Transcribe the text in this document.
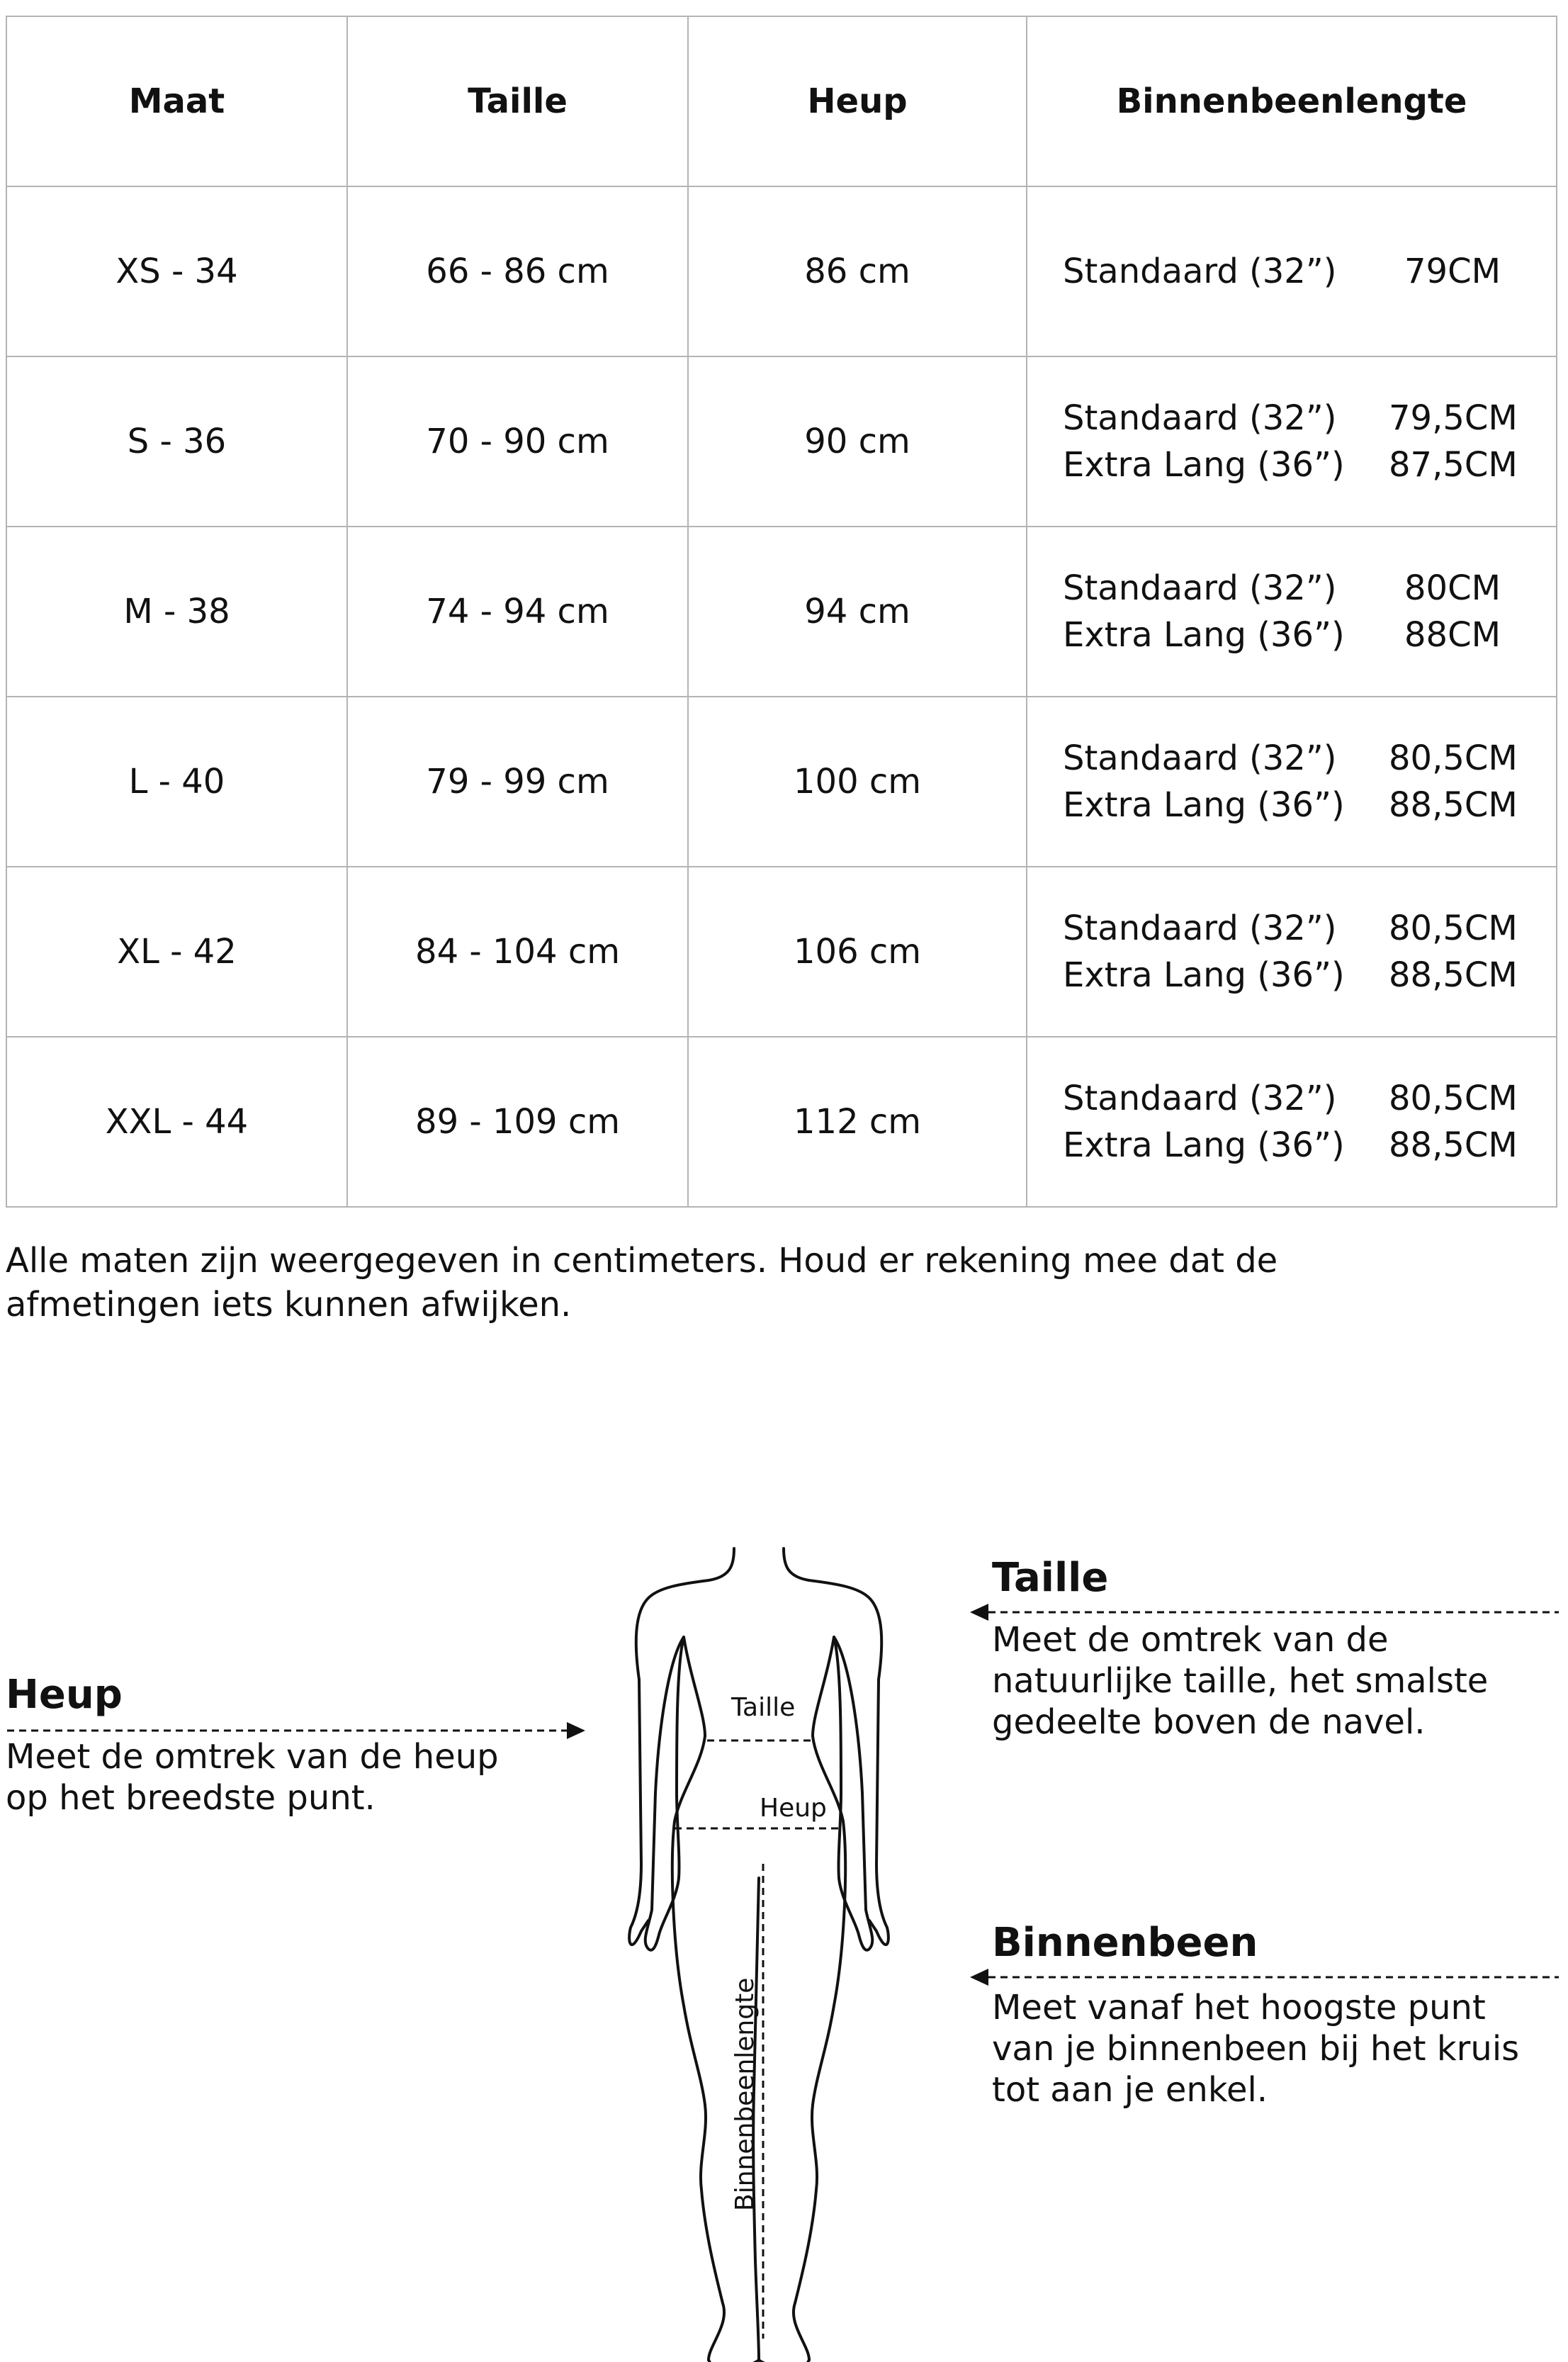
Maat	Taille	Heup	Binnenbeenlengte
XS - 34	66 - 86 cm	86 cm	Standaard (32”) 79CM

S - 36	70 - 90 cm	90 cm	Standaard (32”) 79,5CM
Extra Lang (36”) 87,5CM

M - 38	74 - 94 cm	94 cm	Standaard (32”) 80CM
Extra Lang (36”) 88CM

L - 40	79 - 99 cm	100 cm	Standaard (32”) 80,5CM
Extra Lang (36”) 88,5CM

XL - 42	84 - 104 cm	106 cm	Standaard (32”) 80,5CM
Extra Lang (36”) 88,5CM

XXL - 44	89 - 109 cm	112 cm	Standaard (32”) 80,5CM
Extra Lang (36”) 88,5CM
Alle maten zijn weergegeven in centimeters. Houd er rekening mee dat de afmetingen iets kunnen afwijken.
Taille
Heup
Binnenbeenlengte
Heup
Meet de omtrek van de heup
op het breedste punt.
Taille
Meet de omtrek van de
natuurlijke taille, het smalste
gedeelte boven de navel.
Binnenbeen
Meet vanaf het hoogste punt
van je binnenbeen bij het kruis
tot aan je enkel.
